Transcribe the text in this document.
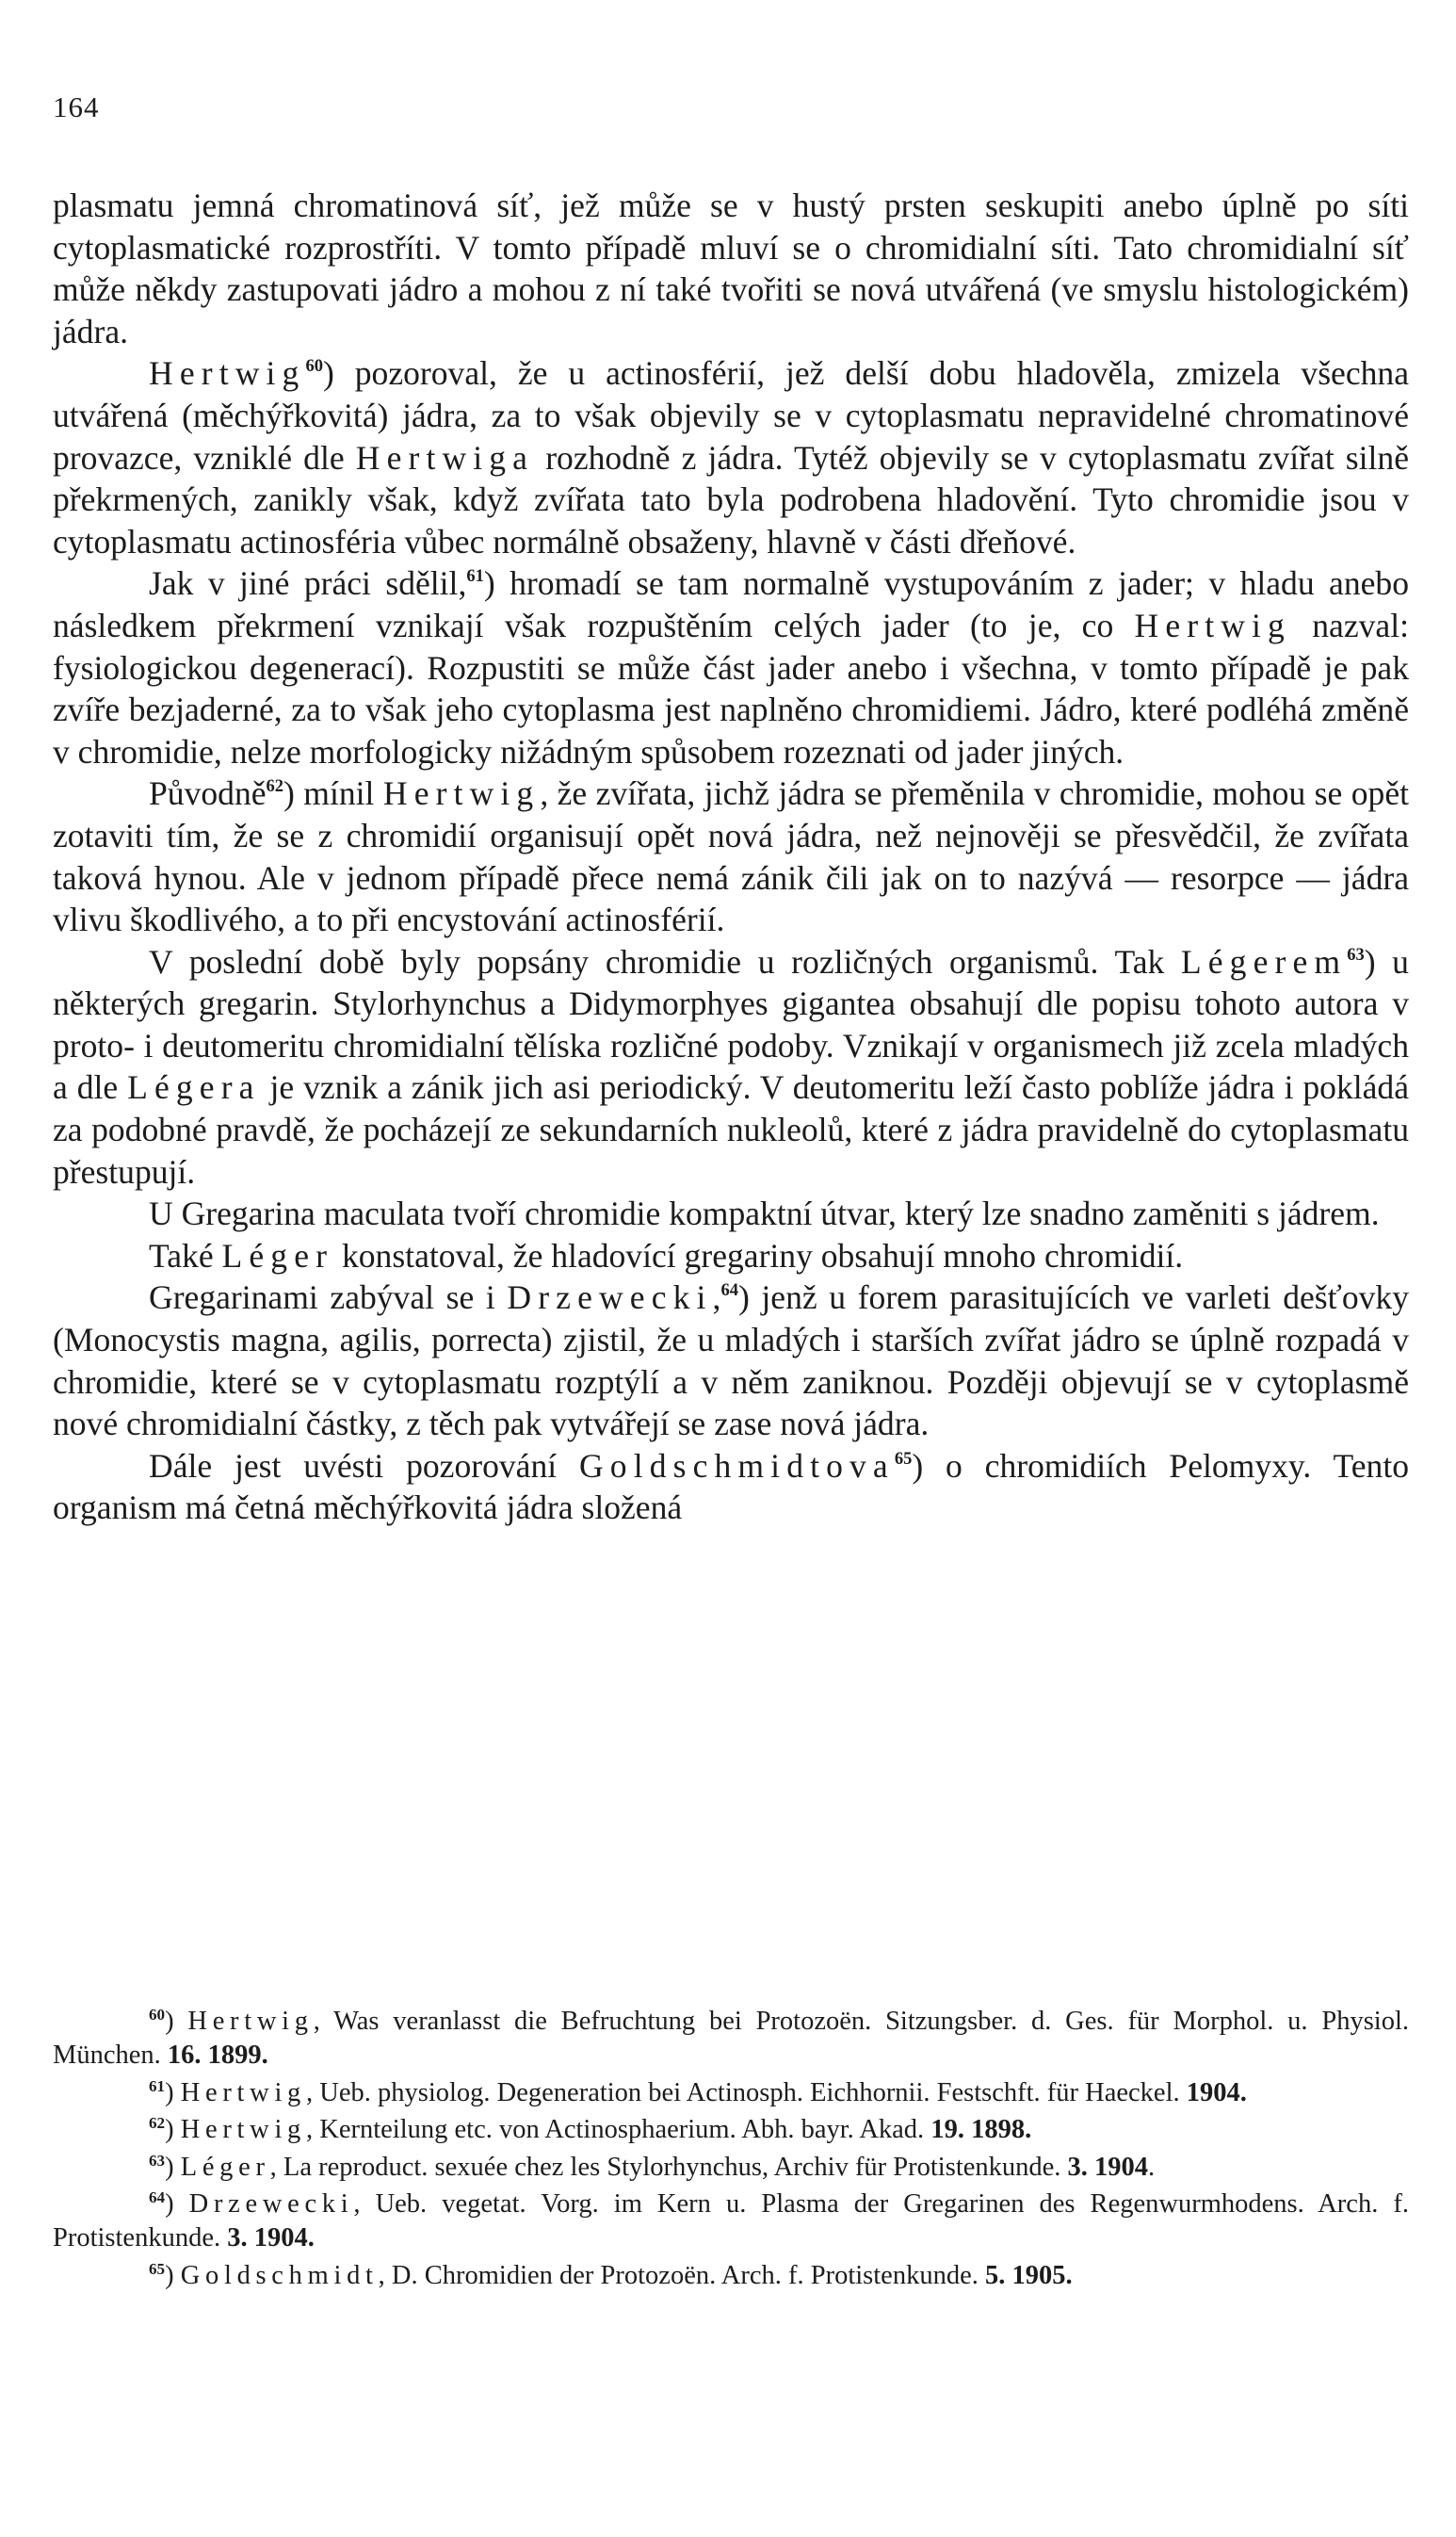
164

plasmatu jemná chromatinová síť, jež může se v hustý prsten seskupiti anebo úplně po síti cytoplasmatické rozprostříti. V tomto případě mluví se o chromidialní síti. Tato chromidialní síť může někdy zastupovati jádro a mohou z ní také tvořiti se nová utvářená (ve smyslu histologickém) jádra.

Hertwig$^{60}$) pozoroval, že u actinosférií, jež delší dobu hladověla, zmizela všechna utvářená (měchýřkovitá) jádra, za to však objevily se v cytoplasmatu nepravidelné chromatinové provazce, vzniklé dle Hertwiga rozhodně z jádra. Tytéž objevily se v cytoplasmatu zvířat silně překrmených, zanikly však, když zvířata tato byla podrobena hladovění. Tyto chromidie jsou v cytoplasmatu actinosféria vůbec normálně obsaženy, hlavně v části dřeňové.

Jak v jiné práci sdělil,$^{61}$) hromadí se tam normalně vystupováním z jader; v hladu anebo následkem překrmení vznikají však rozpuštěním celých jader (to je, co Hertwig nazval: fysiologickou degenerací). Rozpustiti se může část jader anebo i všechna, v tomto případě je pak zvíře bezjaderné, za to však jeho cytoplasma jest naplněno chromidiemi. Jádro, které podléhá změně v chromidie, nelze morfologicky nižádným spůsobem rozeznati od jader jiných.

Původně$^{62}$) mínil Hertwig, že zvířata, jichž jádra se přeměnila v chromidie, mohou se opět zotaviti tím, že se z chromidií organisují opět nová jádra, než nejnověji se přesvědčil, že zvířata taková hynou. Ale v jednom případě přece nemá zánik čili jak on to nazývá — resorpce — jádra vlivu škodlivého, a to při encystování actinosférií.

V poslední době byly popsány chromidie u rozličných organismů. Tak Légerem$^{63}$) u některých gregarin. Stylorhynchus a Didymorphyes gigantea obsahují dle popisu tohoto autora v proto- i deutomeritu chromidialní tělíska rozličné podoby. Vznikají v organismech již zcela mladých a dle Légera je vznik a zánik jich asi periodický. V deutomeritu leží často poblíže jádra i pokládá za podobné pravdě, že pocházejí ze sekundarních nukleolů, které z jádra pravidelně do cytoplasmatu přestupují.

U Gregarina maculata tvoří chromidie kompaktní útvar, který lze snadno zaměniti s jádrem.

Také Léger konstatoval, že hladovící gregariny obsahují mnoho chromidií.

Gregarinami zabýval se i Drzewecki,$^{64}$) jenž u forem parasitujících ve varleti dešťovky (Monocystis magna, agilis, porrecta) zjistil, že u mladých i starších zvířat jádro se úplně rozpadá v chromidie, které se v cytoplasmatu rozptýlí a v něm zaniknou. Později objevují se v cytoplasmě nové chromidialní částky, z těch pak vytvářejí se zase nová jádra.

Dále jest uvésti pozorování Goldschmidtova$^{65}$) o chromidiích Pelomyxy. Tento organism má četná měchýřkovitá jádra složená

$^{60}$) Hertwig, Was veranlasst die Befruchtung bei Protozoën. Sitzungsber. d. Ges. für Morphol. u. Physiol. München. 16. 1899.

$^{61}$) Hertwig, Ueb. physiolog. Degeneration bei Actinosph. Eichhornii. Festschft. für Haeckel. 1904.

$^{62}$) Hertwig, Kernteilung etc. von Actinosphaerium. Abh. bayr. Akad. 19. 1898.

$^{63}$) Léger, La reproduct. sexuée chez les Stylorhynchus, Archiv für Protistenkunde. 3. 1904.

$^{64}$) Drzewecki, Ueb. vegetat. Vorg. im Kern u. Plasma der Gregarinen des Regenwurmhodens. Arch. f. Protistenkunde. 3. 1904.

$^{65}$) Goldschmidt, D. Chromidien der Protozoën. Arch. f. Protistenkunde. 5. 1905.
